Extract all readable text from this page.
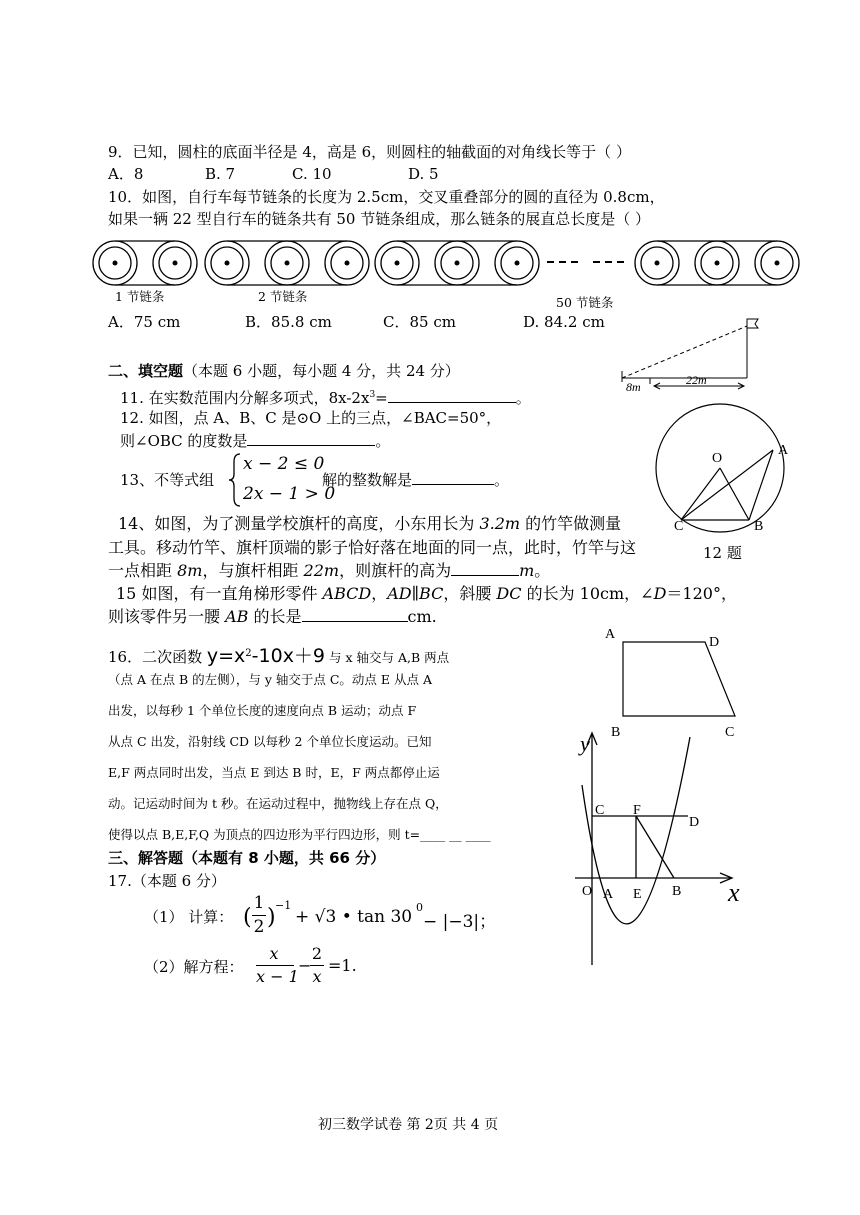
9．已知，圆柱的底面半径是 4，高是 6，则圆柱的轴截面的对角线长等于（ ）
A．8	B. 7	C. 10	D. 5
10．如图，自行车每节链条的长度为 2.5cm，交叉重叠部分的圆的直径为 0.8cm，
如果一辆 22 型自行车的链条共有 50 节链条组成，那么链条的展直总长度是（ ）
1 节链条	2 节链条	50 节链条
A．75 cm	B．85.8 cm	C．85 cm	D. 84.2 cm
二、填空题（本题 6 小题，每小题 4 分，共 24 分）
8m	22m
11. 在实数范围内分解多项式，$8x-2x^3=$	。
12. 如图，点 A、B、C 是⊙O 上的三点，∠BAC=50°，
则∠OBC 的度数是	。
O
A
C	B
12 题
13、不等式组
x − 2 ≤ 0
2x − 1 > 0
解的整数解是	。
14、如图，为了测量学校旗杆的高度，小东用长为 3.2m 的竹竿做测量
工具。移动竹竿、旗杆顶端的影子恰好落在地面的同一点，此时，竹竿与这
一点相距 8m，与旗杆相距 22m，则旗杆的高为	m。
15 如图，有一直角梯形零件 ABCD，AD∥BC，斜腰 DC 的长为 10cm，∠D＝120°，
则该零件另一腰 AB 的长是	cm.
A
D
B	C
16．二次函数 $y=x^2-10x+9$ 与 x 轴交与 A,B 两点
（点 A 在点 B 的左侧），与 y 轴交于点 C。动点 E 从点 A
出发，以每秒 1 个单位长度的速度向点 B 运动；动点 F
从点 C 出发，沿射线 CD 以每秒 2 个单位长度运动。已知
E,F 两点同时出发，当点 E 到达 B 时，E，F 两点都停止运
动。记运动时间为 t 秒。在运动过程中，抛物线上存在点 Q，
使得以点 B,E,F,Q 为顶点的四边形为平行四边形，则 t=____ __ ____
y
x
C F
D
O A E B
三、解答题（本题有 8 小题，共 66 分）
17.（本题 6 分）
（1） 计算： (
1
2 ) −1
+ √3 • tan 30 0
− |−3|；
（2）解方程：
x
x − 1
−
2
x
=1.
初三数学试卷 第 2页 共 4 页
